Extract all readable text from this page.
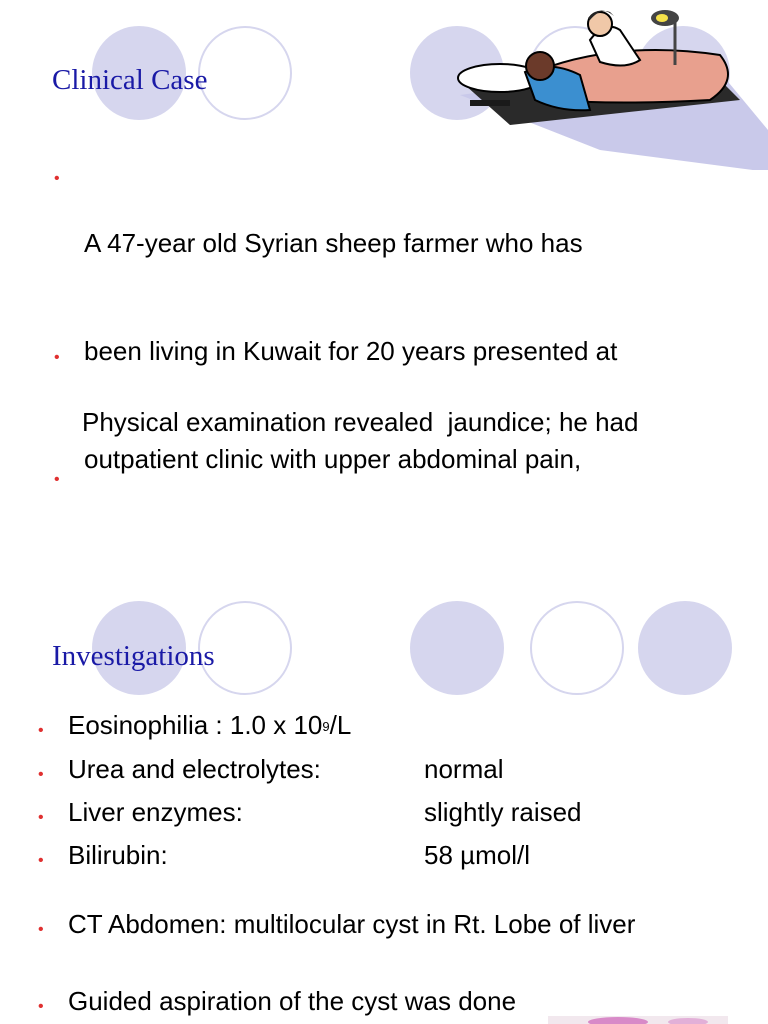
Clinical Case
•

A 47-year old Syrian sheep farmer who has

been living in Kuwait for 20 years presented at

outpatient clinic with upper abdominal pain,

•

Physical examination revealed  jaundice; he had

•

Investigations
• Eosinophilia : 1.0 x $10^9/L$
• Urea and electrolytes:	normal
• Liver enzymes:	slightly raised
• Bilirubin:	58 µmol/l
• CT Abdomen: multilocular cyst in Rt. Lobe of liver
• Guided aspiration of the cyst was done
